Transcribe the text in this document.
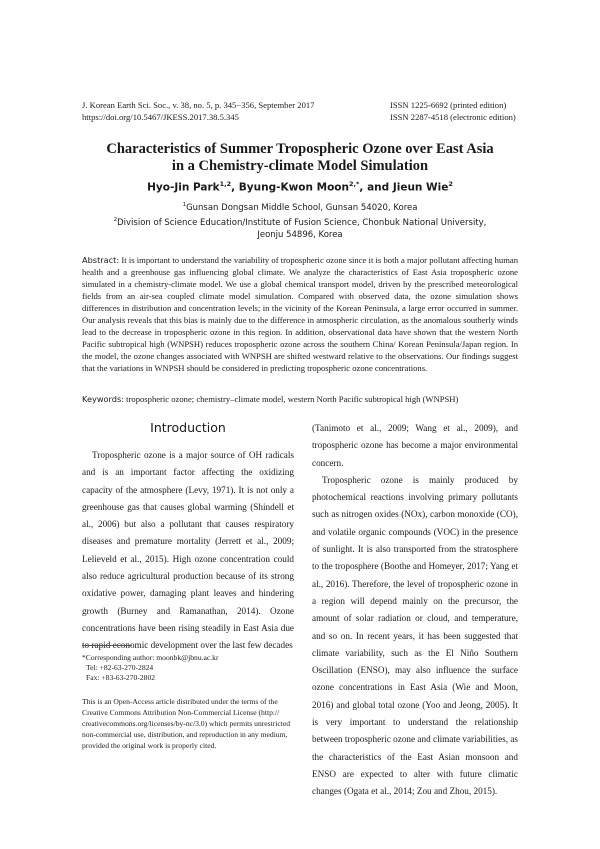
J. Korean Earth Sci. Soc., v. 38, no. 5, p. 345−356, September 2017
https://doi.org/10.5467/JKESS.2017.38.5.345
ISSN 1225-6692 (printed edition)
ISSN 2287-4518 (electronic edition)
Characteristics of Summer Tropospheric Ozone over East Asia
in a Chemistry-climate Model Simulation
Hyo-Jin Park$^{1,2}$, Byung-Kwon Moon$^{2,*}$, and Jieun Wie$^2$
$^1$Gunsan Dongsan Middle School, Gunsan 54020, Korea
$^2$Division of Science Education/Institute of Fusion Science, Chonbuk National University,
Jeonju 54896, Korea
Abstract: It is important to understand the variability of tropospheric ozone since it is both a major pollutant affecting human health and a greenhouse gas influencing global climate. We analyze the characteristics of East Asia tropospheric ozone simulated in a chemistry-climate model. We use a global chemical transport model, driven by the prescribed meteorological fields from an air-sea coupled climate model simulation. Compared with observed data, the ozone simulation shows differences in distribution and concentration levels; in the vicinity of the Korean Peninsula, a large error occurred in summer. Our analysis reveals that this bias is mainly due to the difference in atmospheric circulation, as the anomalous southerly winds lead to the decrease in tropospheric ozone in this region. In addition, observational data have shown that the western North Pacific subtropical high (WNPSH) reduces tropospheric ozone across the southern China/ Korean Peninsula/Japan region. In the model, the ozone changes associated with WNPSH are shifted westward relative to the observations. Our findings suggest that the variations in WNPSH should be considered in predicting tropospheric ozone concentrations.
Keywords: tropospheric ozone; chemistry–climate model, western North Pacific subtropical high (WNPSH)
Introduction

Tropospheric ozone is a major source of OH radicals and is an important factor affecting the oxidizing capacity of the atmosphere (Levy, 1971). It is not only a greenhouse gas that causes global warming (Shindell et al., 2006) but also a pollutant that causes respiratory diseases and premature mortality (Jerrett et al., 2009; Lelieveld et al., 2015). High ozone concentration could also reduce agricultural production because of its strong oxidative power, damaging plant leaves and hindering growth (Burney and Ramanathan, 2014). Ozone concentrations have been rising steadily in East Asia due to rapid economic development over the last few decades

*Corresponding author: moonbk@jbnu.ac.kr
Tel: +82-63-270-2824
Fax: +83-63-270-2802
This is an Open-Access article distributed under the terms of the Creative Commons Attribution Non-Commercial License (http:// creativecommons.org/licenses/by-nc/3.0) which permits unrestricted non-commercial use, distribution, and reproduction in any medium, provided the original work is properly cited.

(Tanimoto et al., 2009; Wang et al., 2009), and tropospheric ozone has become a major environmental concern.

Tropospheric ozone is mainly produced by photochemical reactions involving primary pollutants such as nitrogen oxides (NOx), carbon monoxide (CO), and volatile organic compounds (VOC) in the presence of sunlight. It is also transported from the stratosphere to the troposphere (Boothe and Homeyer, 2017; Yang et al., 2016). Therefore, the level of tropospheric ozone in a region will depend mainly on the precursor, the amount of solar radiation or cloud, and temperature, and so on. In recent years, it has been suggested that climate variability, such as the El Niño Southern Oscillation (ENSO), may also influence the surface ozone concentrations in East Asia (Wie and Moon, 2016) and global total ozone (Yoo and Jeong, 2005). It is very important to understand the relationship between tropospheric ozone and climate variabilities, as the characteristics of the East Asian monsoon and ENSO are expected to alter with future climatic changes (Ogata et al., 2014; Zou and Zhou, 2015).
